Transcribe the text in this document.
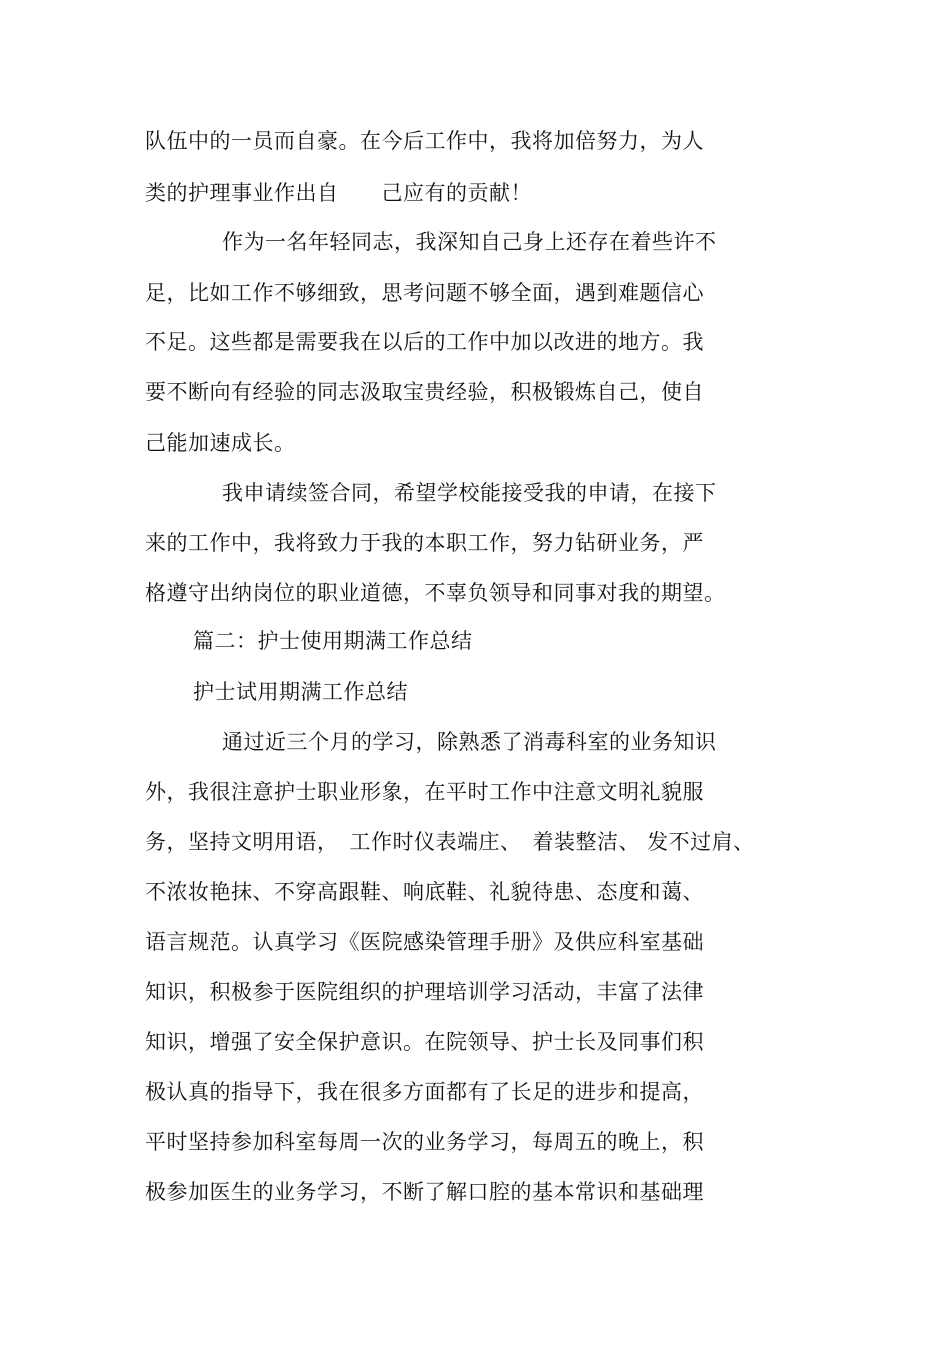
队伍中的一员而自豪。在今后工作中，我将加倍努力，为人
类的护理事业作出自　　己应有的贡献！
作为一名年轻同志，我深知自己身上还存在着些许不
足，比如工作不够细致，思考问题不够全面，遇到难题信心
不足。这些都是需要我在以后的工作中加以改进的地方。我
要不断向有经验的同志汲取宝贵经验，积极锻炼自己，使自
己能加速成长。
我申请续签合同，希望学校能接受我的申请，在接下
来的工作中，我将致力于我的本职工作，努力钻研业务，严
格遵守出纳岗位的职业道德，不辜负领导和同事对我的期望。
篇二：护士使用期满工作总结
护士试用期满工作总结
通过近三个月的学习，除熟悉了消毒科室的业务知识
外，我很注意护士职业形象，在平时工作中注意文明礼貌服
务，坚持文明用语，　工作时仪表端庄、　着装整洁、 发不过肩、
不浓妆艳抹、不穿高跟鞋、响底鞋、礼貌待患、态度和蔼、
语言规范。认真学习《医院感染管理手册》及供应科室基础
知识，积极参于医院组织的护理培训学习活动，丰富了法律
知识，增强了安全保护意识。在院领导、护士长及同事们积
极认真的指导下，我在很多方面都有了长足的进步和提高，
平时坚持参加科室每周一次的业务学习，每周五的晚上，积
极参加医生的业务学习，不断了解口腔的基本常识和基础理
